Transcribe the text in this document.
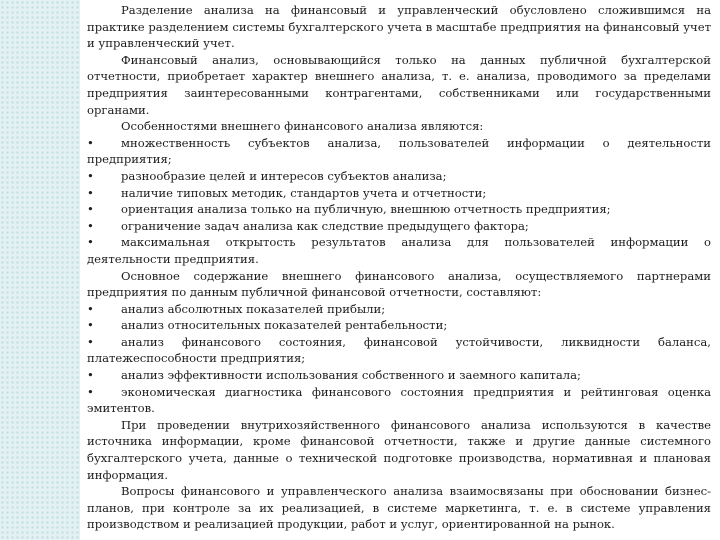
Разделение анализа на финансовый и управленческий обусловлено сложившимся на практике разделением системы бухгалтерского учета в масштабе предприятия на финансовый учет и управленческий учет.

Финансовый анализ, основывающийся только на данных публичной бухгалтерской отчетности, приобретает характер внешнего анализа, т. е. анализа, проводимого за пределами предприятия заинтересованными контрагентами, собственниками или государственными органами.

Особенностями внешнего финансового анализа являются:

• множественность субъектов анализа, пользователей информации о деятельности предприятия;

• разнообразие целей и интересов субъектов анализа;

• наличие типовых методик, стандартов учета и отчетности;

• ориентация анализа только на публичную, внешнюю отчетность предприятия;

• ограничение задач анализа как следствие предыдущего фактора;

• максимальная открытость результатов анализа для пользователей информации о деятельности предприятия.

Основное содержание внешнего финансового анализа, осуществляемого партнерами предприятия по данным публичной финансовой отчетности, составляют:

• анализ абсолютных показателей прибыли;

• анализ относительных показателей рентабельности;

• анализ финансового состояния, финансовой устойчивости, ликвидности баланса, платежеспособности предприятия;

• анализ эффективности использования собственного и заемного капитала;

• экономическая диагностика финансового состояния предприятия и рейтинговая оценка эмитентов.

При проведении внутрихозяйственного финансового анализа используются в качестве источника информации, кроме финансовой отчетности, также и другие данные системного бухгалтерского учета, данные о технической подготовке производства, нормативная и плановая информация.

Вопросы финансового и управленческого анализа взаимосвязаны при обосновании бизнес-планов, при контроле за их реализацией, в системе маркетинга, т. е. в системе управления производством и реализацией продукции, работ и услуг, ориентированной на рынок.
